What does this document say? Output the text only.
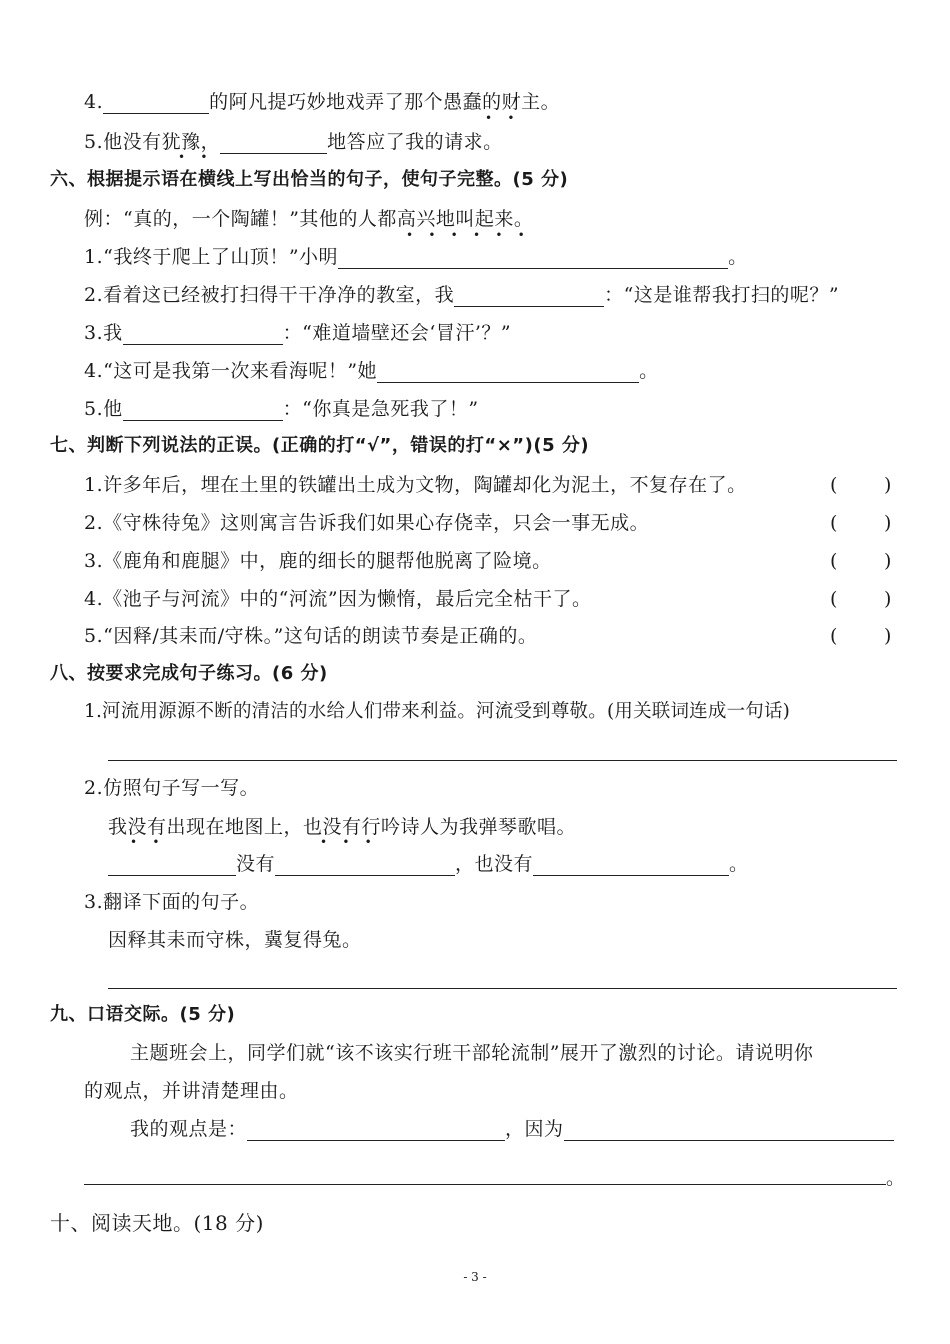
4.	的阿凡提巧妙地戏弄了那个愚蠢的财主。
•    •
5.他没有犹豫，	地答应了我的请求。
•    •
六、根据提示语在横线上写出恰当的句子，使句子完整。(5 分)
例：“真的，一个陶罐！”其他的人都高兴地叫起来。
•    •    •    •    •    •
1.“我终于爬上了山顶！”小明	。
2.看着这已经被打扫得干干净净的教室，我	：“这是谁帮我打扫的呢？”
3.我	：“难道墙壁还会‘冒汗’？”
4.“这可是我第一次来看海呢！”她	。
5.他	：“你真是急死我了！”
七、判断下列说法的正误。(正确的打“√”，错误的打“×”)(5 分)
1.许多年后，埋在土里的铁罐出土成为文物，陶罐却化为泥土，不复存在了。	( )
2.《守株待兔》这则寓言告诉我们如果心存侥幸，只会一事无成。	( )
3.《鹿角和鹿腿》中，鹿的细长的腿帮他脱离了险境。	( )
4.《池子与河流》中的“河流”因为懒惰，最后完全枯干了。	( )
5.“因释/其耒而/守株。”这句话的朗读节奏是正确的。	( )
八、按要求完成句子练习。(6 分)
1.河流用源源不断的清洁的水给人们带来利益。河流受到尊敬。(用关联词连成一句话)
2.仿照句子写一写。
我没有出现在地图上，也没有行吟诗人为我弹琴歌唱。
•    •	•    •    •
没有	，也没有	。
3.翻译下面的句子。
因释其耒而守株，冀复得兔。
九、口语交际。(5 分)
主题班会上，同学们就“该不该实行班干部轮流制”展开了激烈的讨论。请说明你
的观点，并讲清楚理由。
我的观点是：	，因为
。
十、阅读天地。(18 分)
- 3 -
